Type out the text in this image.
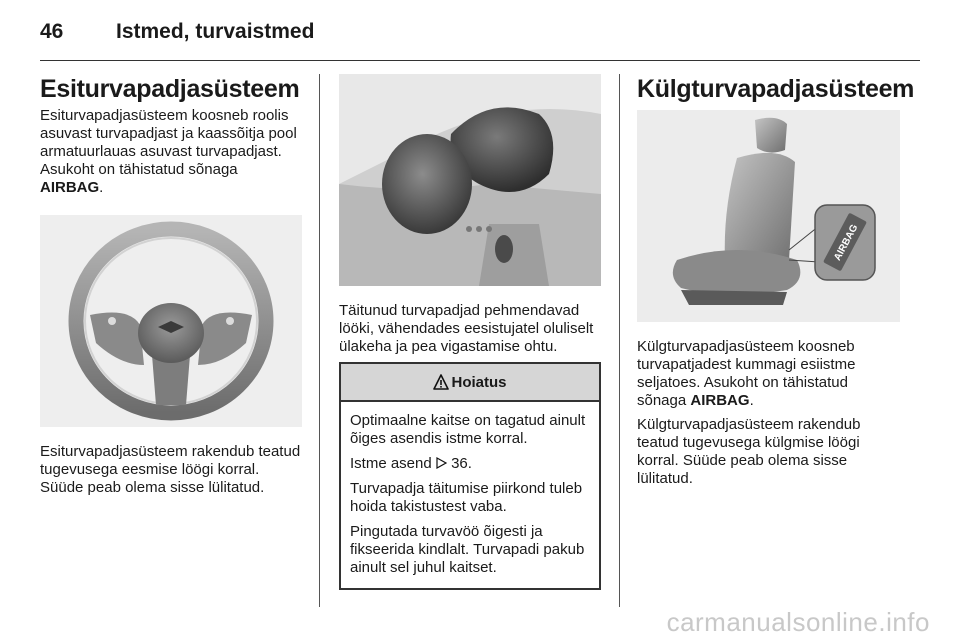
46	Istmed, turvaistmed
Esiturvapadjasüsteem

Esiturvapadjasüsteem koosneb roolis asuvast turvapadjast ja kaassõitja pool armatuurlauas asuvast turvapadjast. Asukoht on tähistatud sõnaga AIRBAG.

Esiturvapadjasüsteem rakendub teatud tugevusega eesmise löögi korral. Süüde peab olema sisse lülitatud.

Täitunud turvapadjad pehmendavad lööki, vähendades eesistujatel oluliselt ülakeha ja pea vigastamise ohtu.

Hoiatus

Optimaalne kaitse on tagatud ainult õiges asendis istme korral.

Istme asend  36.

Turvapadja täitumise piirkond tuleb hoida takistustest vaba.

Pingutada turvavöö õigesti ja fikseerida kindlalt. Turvapadi pakub ainult sel juhul kaitset.

Külgturvapadjasüsteem
AIRBAG

Külgturvapadjasüsteem koosneb turvapatjadest kummagi esiistme seljatoes. Asukoht on tähistatud sõnaga AIRBAG.

Külgturvapadjasüsteem rakendub teatud tugevusega külgmise löögi korral. Süüde peab olema sisse lülitatud.

carmanualsonline.info
